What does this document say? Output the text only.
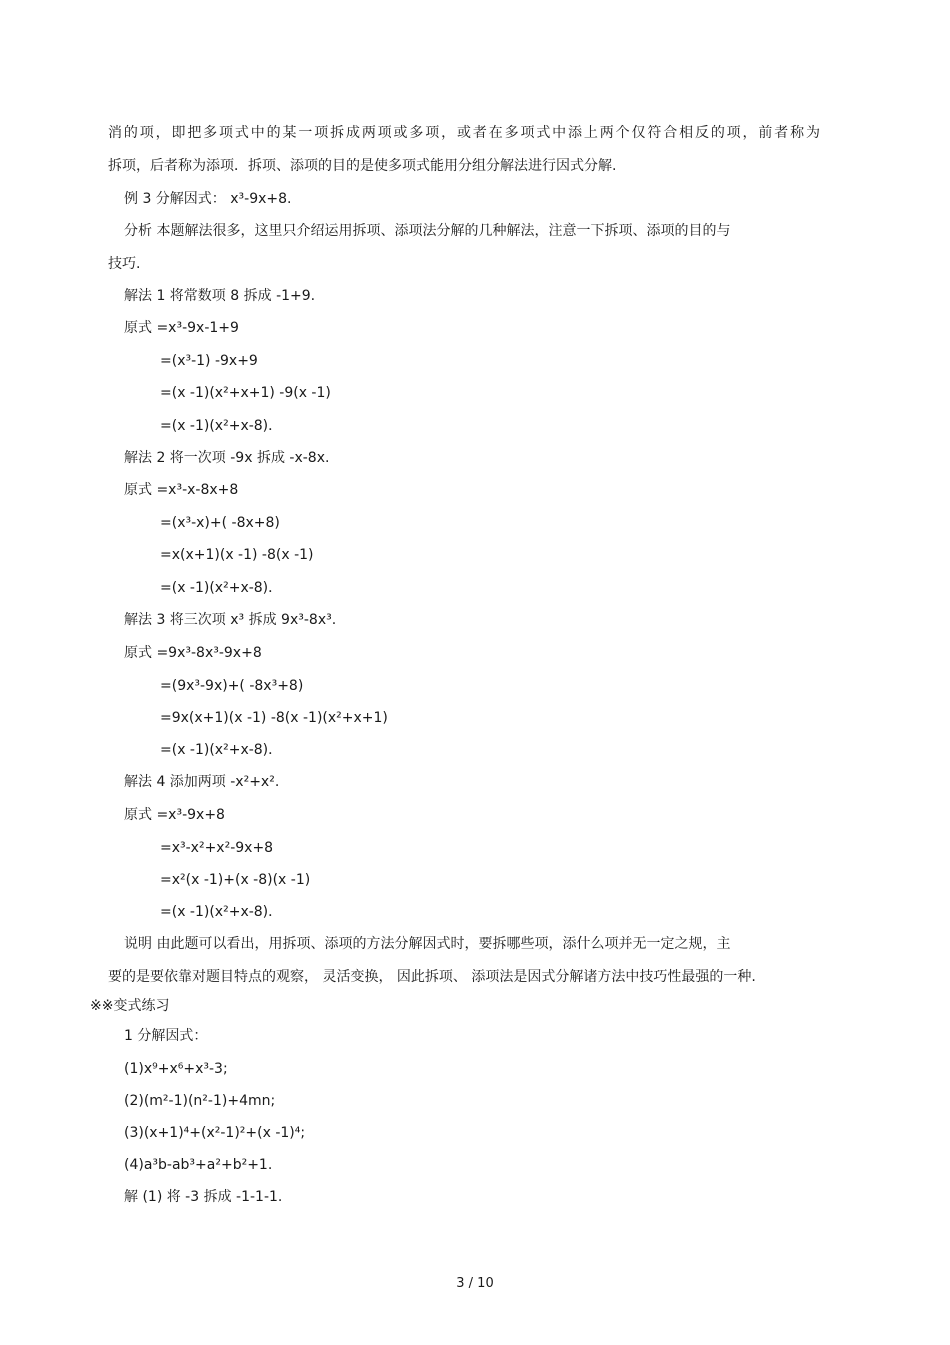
消的项，即把多项式中的某一项拆成两项或多项，或者在多项式中添上两个仅符合相反的项，前者称为
拆项，后者称为添项．拆项、添项的目的是使多项式能用分组分解法进行因式分解.
例 3 分解因式： x³-9x+8.
分析 本题解法很多，这里只介绍运用拆项、添项法分解的几种解法，注意一下拆项、添项的目的与
技巧.
解法 1 将常数项 8 拆成 -1+9.
原式 =x³-9x-1+9
=(x³-1) -9x+9
=(x -1)(x²+x+1) -9(x -1)
=(x -1)(x²+x-8)．
解法 2 将一次项 -9x 拆成 -x-8x.
原式 =x³-x-8x+8
=(x³-x)+( -8x+8)
=x(x+1)(x -1) -8(x -1)
=(x -1)(x²+x-8)．
解法 3 将三次项 x³ 拆成 9x³-8x³.
原式 =9x³-8x³-9x+8
=(9x³-9x)+( -8x³+8)
=9x(x+1)(x -1) -8(x -1)(x²+x+1)
=(x -1)(x²+x-8)．
解法 4 添加两项 -x²+x².
原式 =x³-9x+8
=x³-x²+x²-9x+8
=x²(x -1)+(x -8)(x -1)
=(x -1)(x²+x-8)．
说明 由此题可以看出，用拆项、添项的方法分解因式时，要拆哪些项，添什么项并无一定之规，主
要的是要依靠对题目特点的观察， 灵活变换， 因此拆项、 添项法是因式分解诸方法中技巧性最强的一种.
※※变式练习
1 分解因式：
(1)x⁹+x⁶+x³-3;
(2)(m²-1)(n²-1)+4mn;
(3)(x+1)⁴+(x²-1)²+(x -1)⁴;
(4)a³b-ab³+a²+b²+1.
解 (1) 将 -3 拆成 -1-1-1.
3 / 10
